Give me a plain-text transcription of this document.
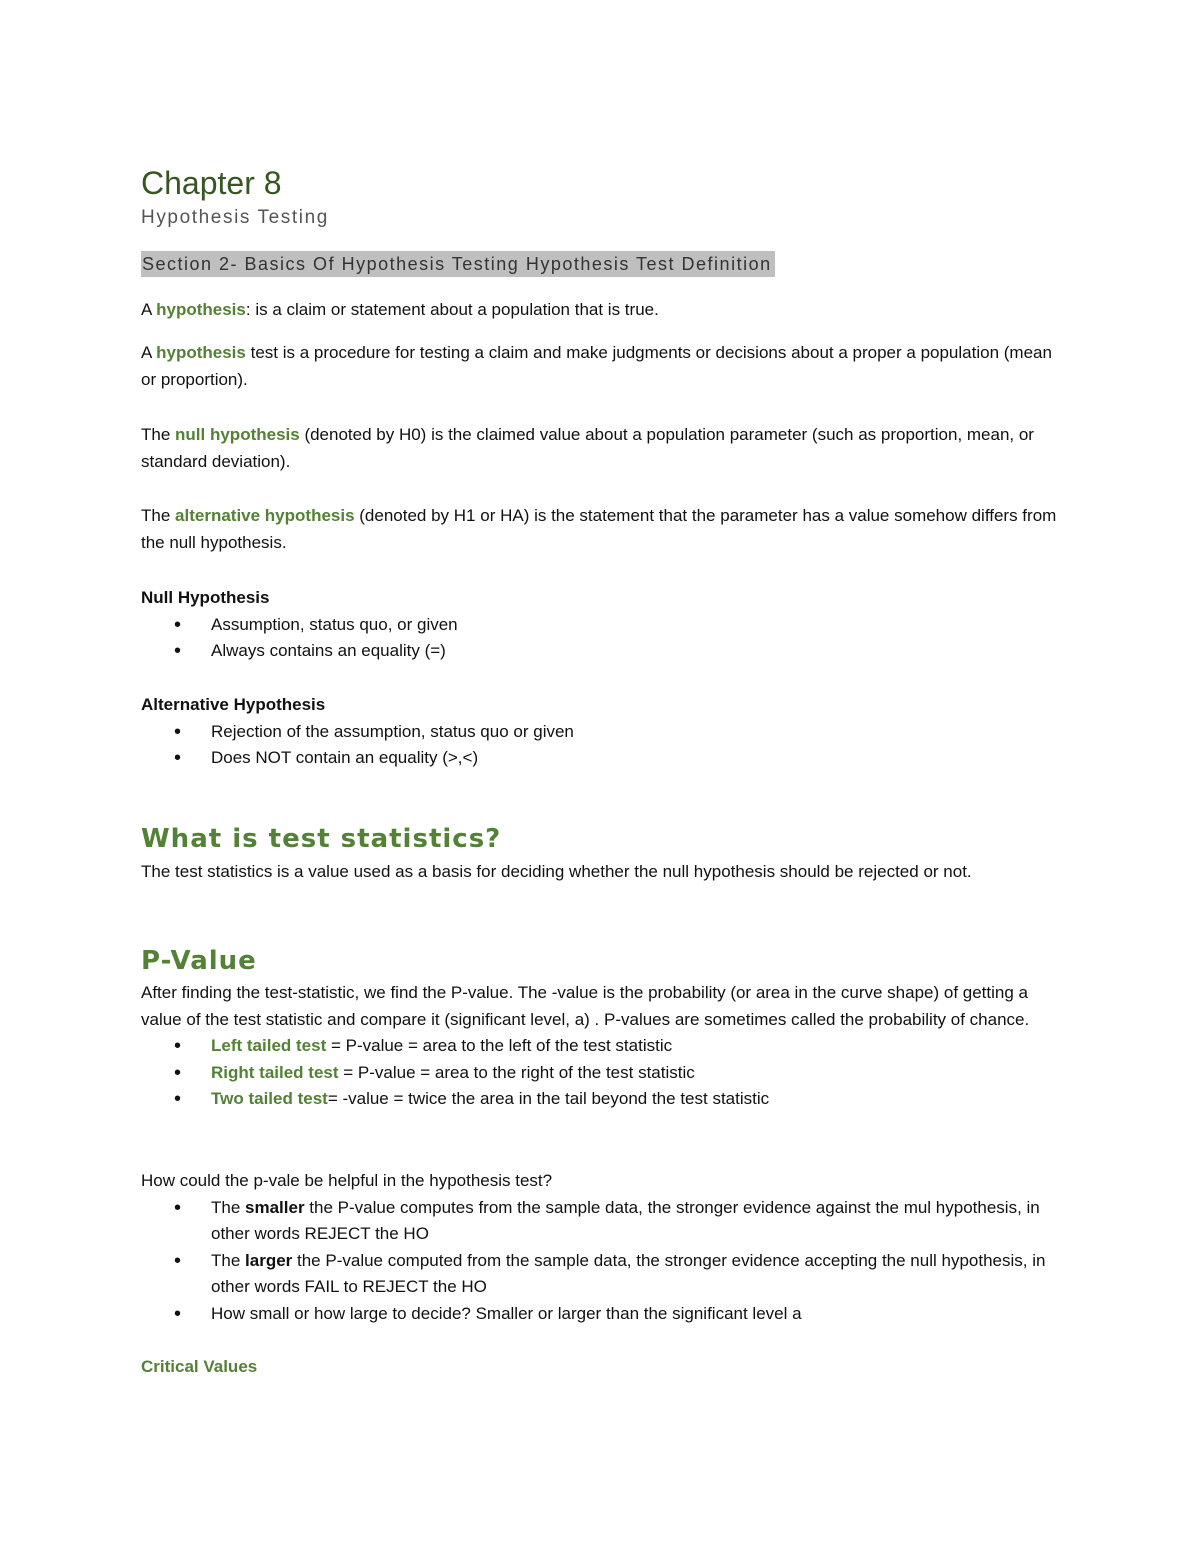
Chapter 8
Hypothesis Testing
Section 2- Basics Of Hypothesis Testing Hypothesis Test Definition
A hypothesis: is a claim or statement about a population that is true.
A hypothesis test is a procedure for testing a claim and make judgments or decisions about a proper a population (mean or proportion).
The null hypothesis (denoted by H0) is the claimed value about a population parameter (such as proportion, mean, or standard deviation).
The alternative hypothesis (denoted by H1 or HA) is the statement that the parameter has a value somehow differs from the null hypothesis.
Null Hypothesis
• Assumption, status quo, or given
• Always contains an equality (=)
Alternative Hypothesis
• Rejection of the assumption, status quo or given
• Does NOT contain an equality (>,<)
What is test statistics?
The test statistics is a value used as a basis for deciding whether the null hypothesis should be rejected or not.
P-Value
After finding the test-statistic, we find the P-value. The -value is the probability (or area in the curve shape) of getting a value of the test statistic and compare it (significant level, a) . P-values are sometimes called the probability of chance.
• Left tailed test = P-value = area to the left of the test statistic
• Right tailed test = P-value = area to the right of the test statistic
• Two tailed test= -value = twice the area in the tail beyond the test statistic
How could the p-vale be helpful in the hypothesis test?
• The smaller the P-value computes from the sample data, the stronger evidence against the mul hypothesis, in other words REJECT the HO
• The larger the P-value computed from the sample data, the stronger evidence accepting the null hypothesis, in other words FAIL to REJECT the HO
• How small or how large to decide? Smaller or larger than the significant level a
Critical Values
